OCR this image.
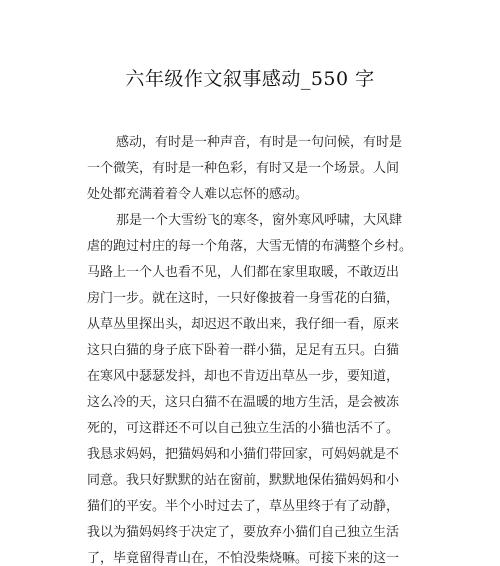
六年级作文叙事感动_550 字
感动，有时是一种声音，有时是一句问候，有时是
一个微笑，有时是一种色彩，有时又是一个场景。人间
处处都充满着着令人难以忘怀的感动。
那是一个大雪纷飞的寒冬，窗外寒风呼啸，大风肆
虐的跑过村庄的每一个角落，大雪无情的布满整个乡村。
马路上一个人也看不见，人们都在家里取暖，不敢迈出
房门一步。就在这时，一只好像披着一身雪花的白猫，
从草丛里探出头，却迟迟不敢出来，我仔细一看，原来
这只白猫的身子底下卧着一群小猫，足足有五只。白猫
在寒风中瑟瑟发抖，却也不肯迈出草丛一步，要知道，
这么冷的天，这只白猫不在温暖的地方生活，是会被冻
死的，可这群还不可以自己独立生活的小猫也活不了。
我恳求妈妈，把猫妈妈和小猫们带回家，可妈妈就是不
同意。我只好默默的站在窗前，默默地保佑猫妈妈和小
猫们的平安。半个小时过去了，草丛里终于有了动静，
我以为猫妈妈终于决定了，要放弃小猫们自己独立生活
了，毕竟留得青山在，不怕没柴烧嘛。可接下来的这一
